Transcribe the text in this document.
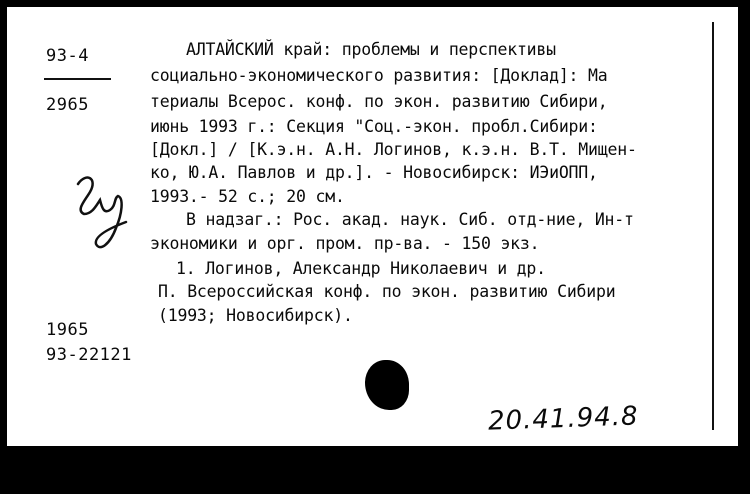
93-4
2965
1965
93-22121
АЛТАЙСКИЙ край: проблемы и перспективы
социально-экономического развития: [Доклад]: Ма
териалы Всерос. конф. по экон. развитию Сибири,
июнь 1993 г.: Секция "Соц.-экон. пробл.Сибири:
[Докл.] / [К.э.н. А.Н. Логинов, к.э.н. В.Т. Мищен-
ко, Ю.А. Павлов и др.]. - Новосибирск: ИЭиОПП,
1993.- 52 с.; 20 см.
В надзаг.: Рос. акад. наук. Сиб. отд-ние, Ин-т
экономики и орг. пром. пр-ва. - 150 экз.
1. Логинов, Александр Николаевич и др.
П. Всероссийская конф. по экон. развитию Сибири
(1993; Новосибирск).
20.41.94.8
